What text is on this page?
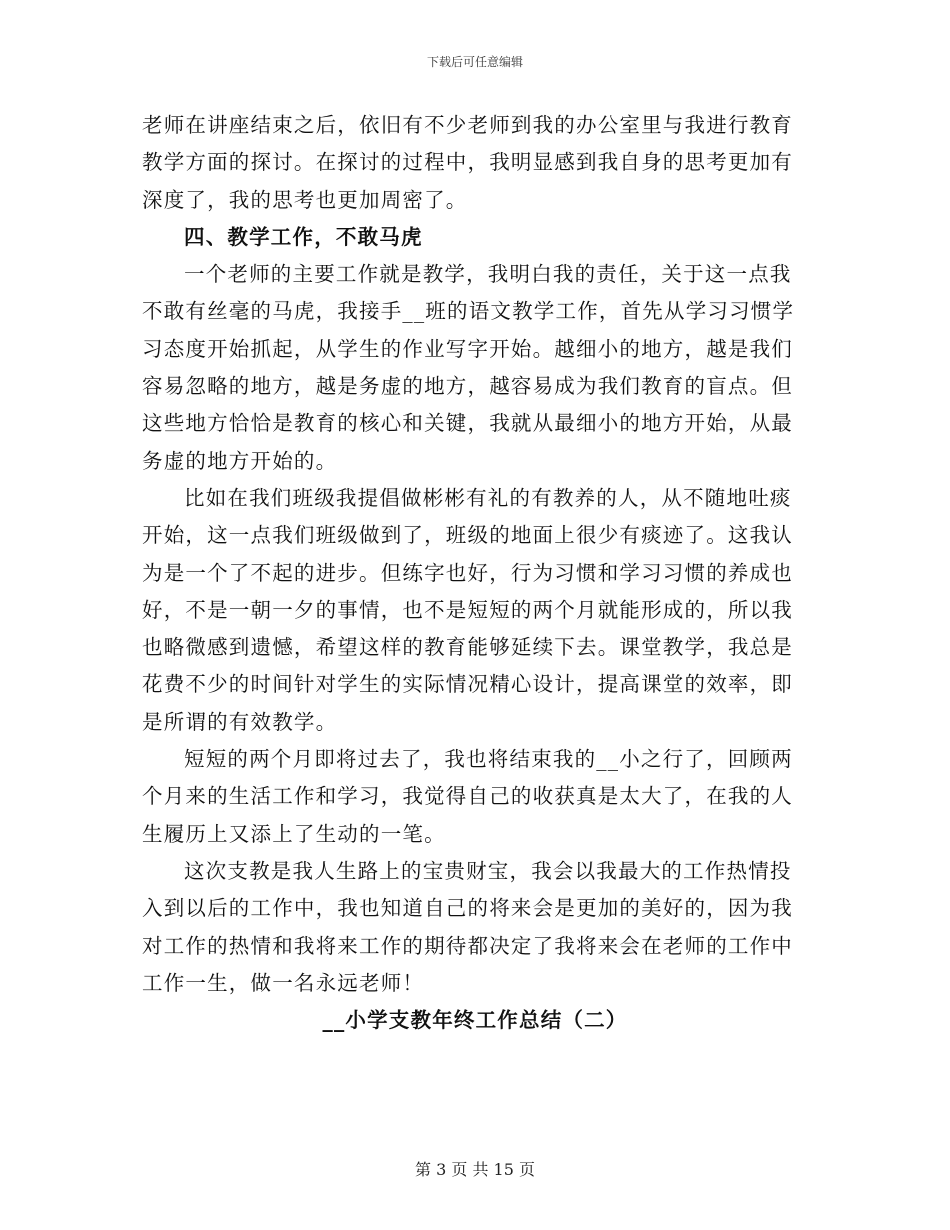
下载后可任意编辑
老师在讲座结束之后，依旧有不少老师到我的办公室里与我进行教育
教学方面的探讨。在探讨的过程中，我明显感到我自身的思考更加有
深度了，我的思考也更加周密了。
四、教学工作，不敢马虎
一个老师的主要工作就是教学，我明白我的责任，关于这一点我
不敢有丝毫的马虎，我接手__班的语文教学工作，首先从学习习惯学
习态度开始抓起，从学生的作业写字开始。越细小的地方，越是我们
容易忽略的地方，越是务虚的地方，越容易成为我们教育的盲点。但
这些地方恰恰是教育的核心和关键，我就从最细小的地方开始，从最
务虚的地方开始的。
比如在我们班级我提倡做彬彬有礼的有教养的人，从不随地吐痰
开始，这一点我们班级做到了，班级的地面上很少有痰迹了。这我认
为是一个了不起的进步。但练字也好，行为习惯和学习习惯的养成也
好，不是一朝一夕的事情，也不是短短的两个月就能形成的，所以我
也略微感到遗憾，希望这样的教育能够延续下去。课堂教学，我总是
花费不少的时间针对学生的实际情况精心设计，提高课堂的效率，即
是所谓的有效教学。
短短的两个月即将过去了，我也将结束我的__小之行了，回顾两
个月来的生活工作和学习，我觉得自己的收获真是太大了，在我的人
生履历上又添上了生动的一笔。
这次支教是我人生路上的宝贵财宝，我会以我最大的工作热情投
入到以后的工作中，我也知道自己的将来会是更加的美好的，因为我
对工作的热情和我将来工作的期待都决定了我将来会在老师的工作中
工作一生，做一名永远老师！
__小学支教年终工作总结（二）
第 3 页 共 15 页
